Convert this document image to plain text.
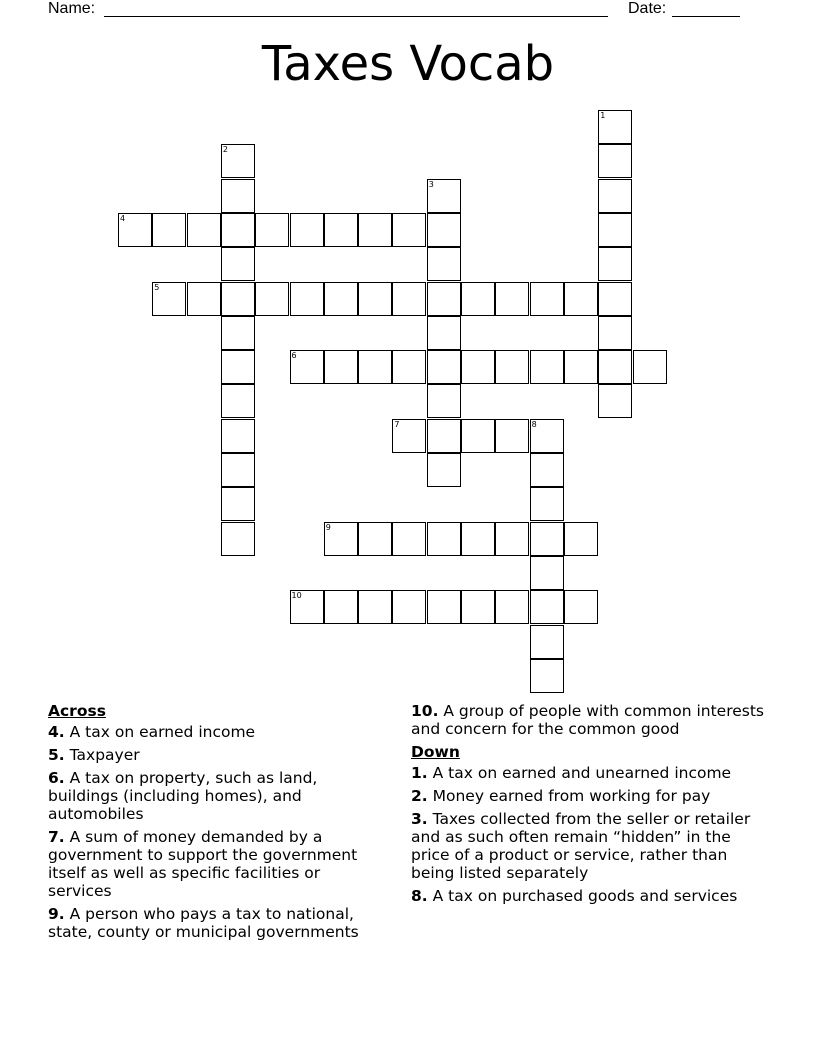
Name:	Date:
Taxes Vocab
1
2
3
4
5
6
7	8
9
10
Across
4. A tax on earned income
5. Taxpayer
6. A tax on property, such as land, buildings (including homes), and automobiles
7. A sum of money demanded by a government to support the government itself as well as specific facilities or services
9. A person who pays a tax to national, state, county or municipal governments
10. A group of people with common interests and concern for the common good
Down
1. A tax on earned and unearned income
2. Money earned from working for pay
3. Taxes collected from the seller or retailer and as such often remain “hidden” in the price of a product or service, rather than being listed separately
8. A tax on purchased goods and services
